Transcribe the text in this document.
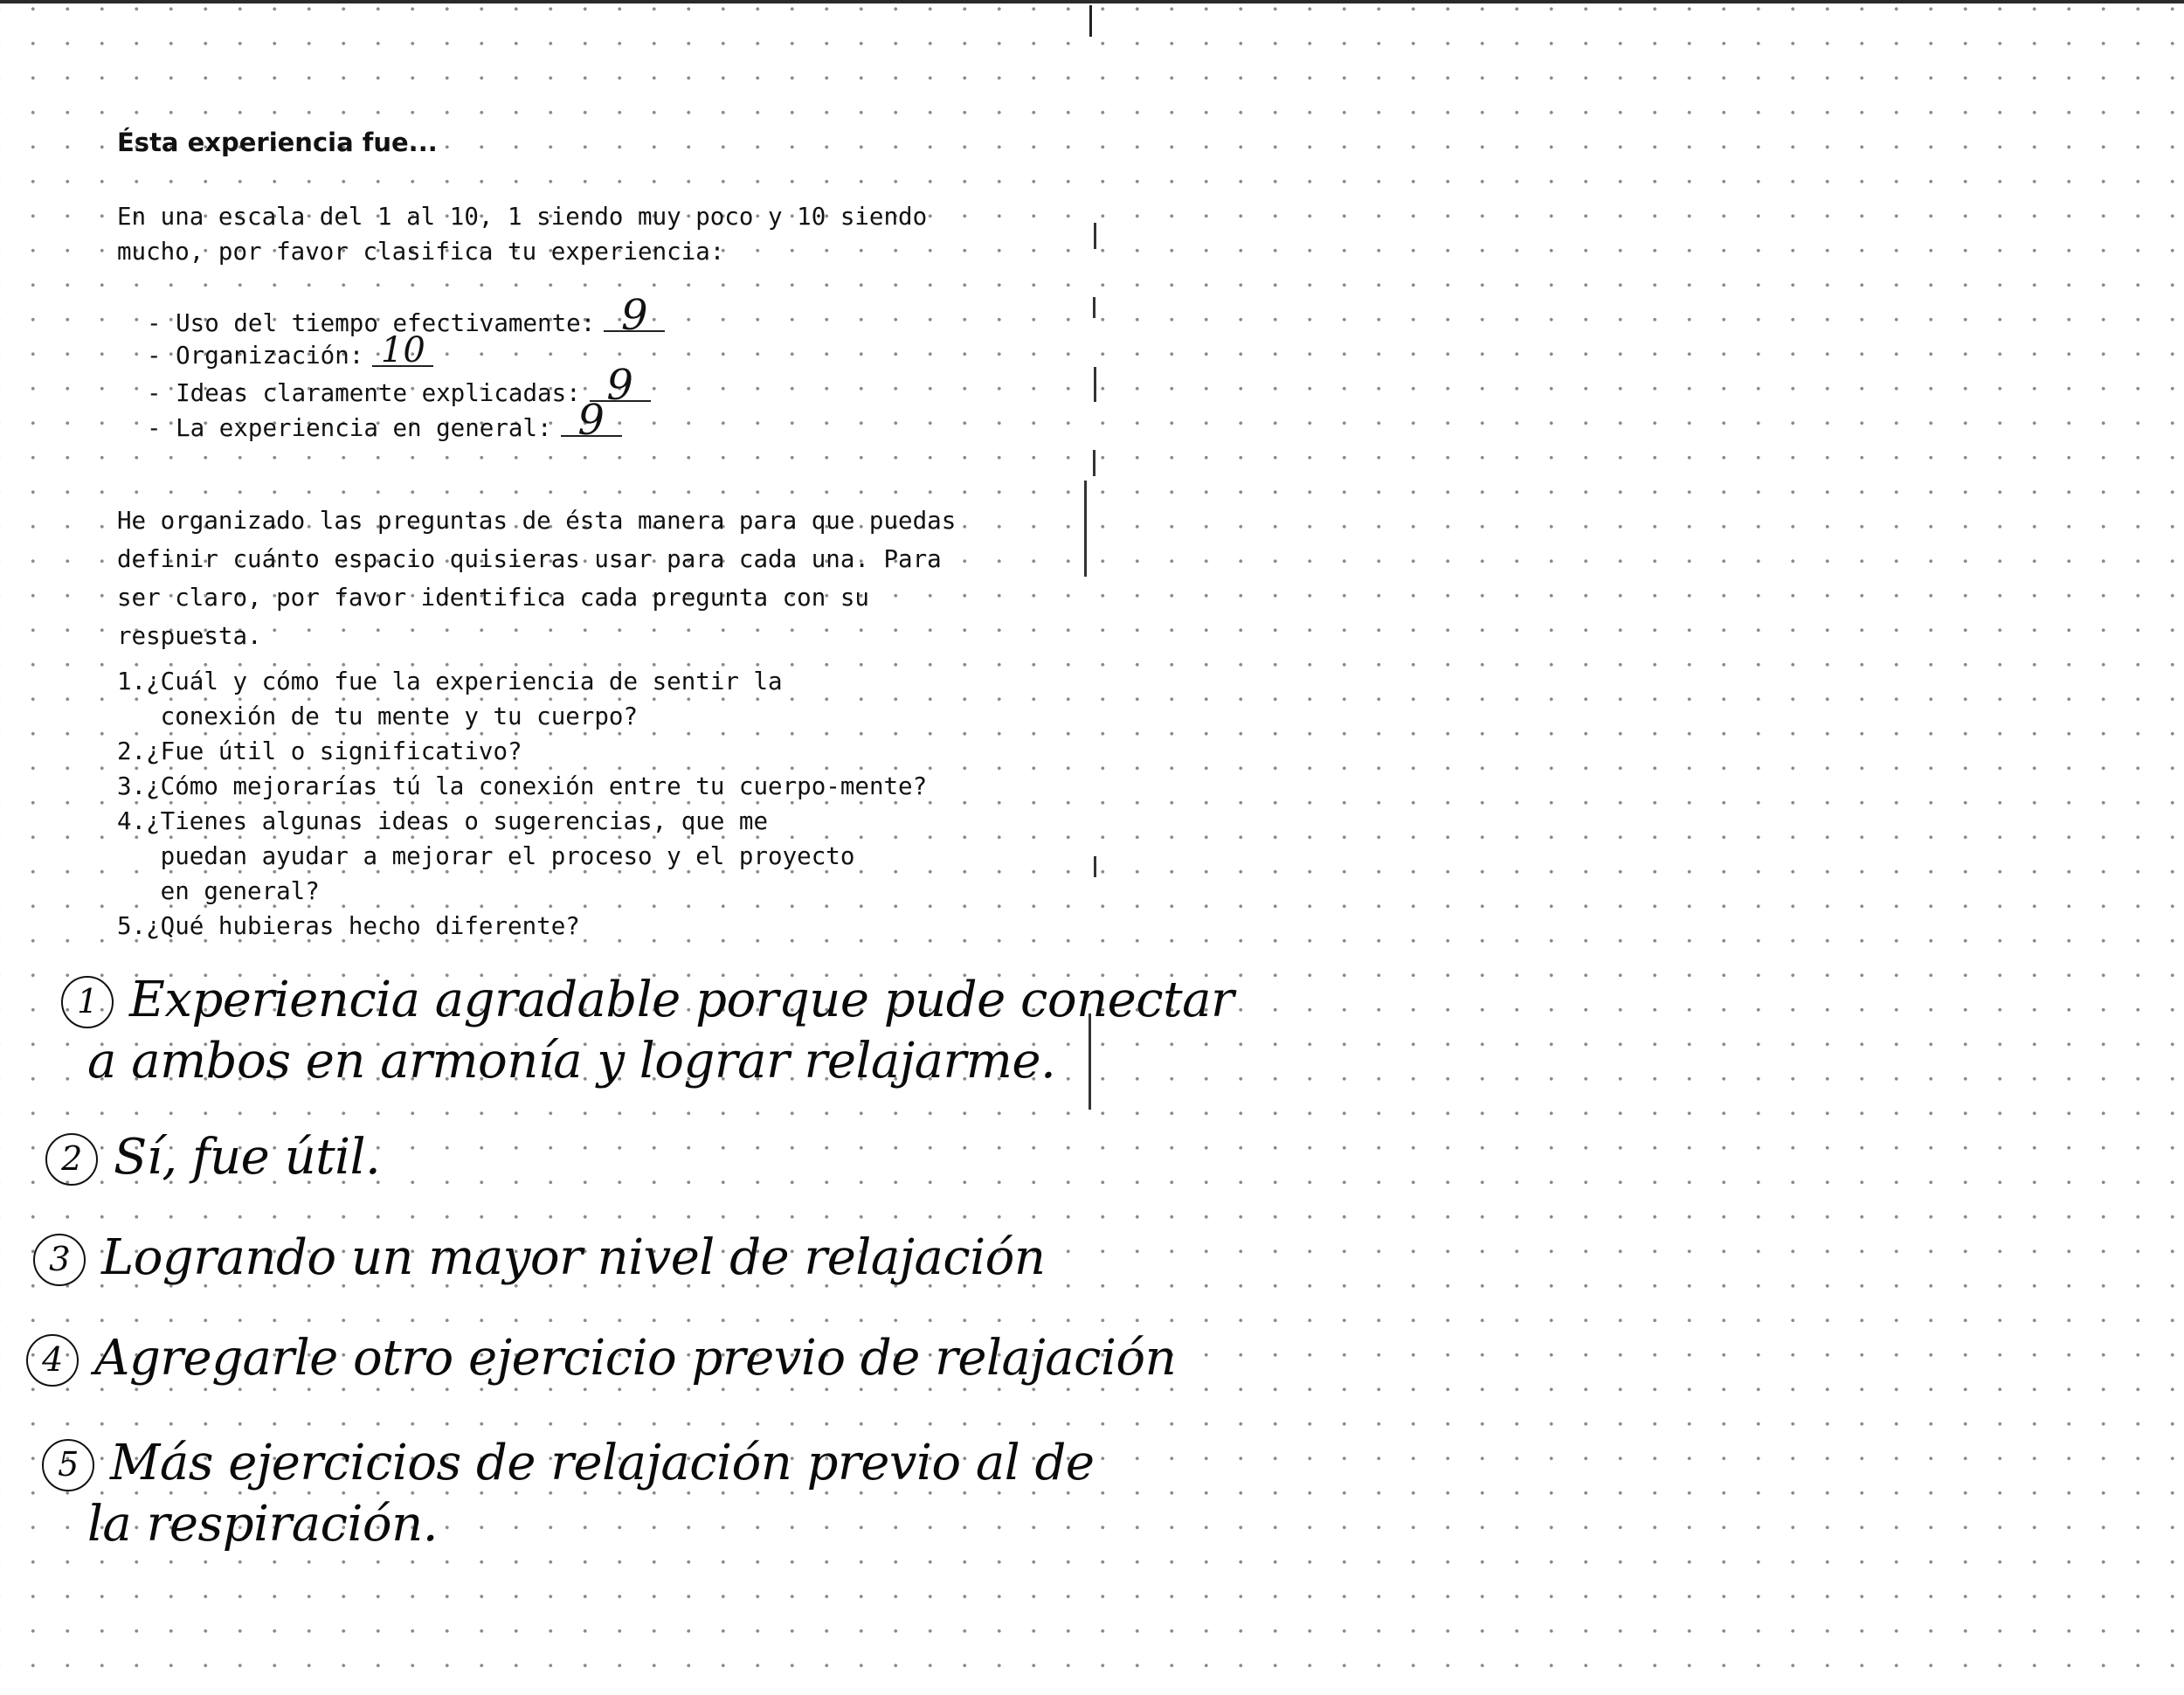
Ésta experiencia fue...
En una escala del 1 al 10, 1 siendo muy poco y 10 siendo
mucho, por favor clasifica tu experiencia:
- Uso del tiempo efectivamente: 9
- Organización: 10
- Ideas claramente explicadas: 9
- La experiencia en general: 9

He organizado las preguntas de ésta manera para que puedas definir cuánto espacio quisieras usar para cada una. Para ser claro, por favor identifica cada pregunta con su respuesta.

1.¿Cuál y cómo fue la experiencia de sentir la
conexión de tu mente y tu cuerpo?
2.¿Fue útil o significativo?
3.¿Cómo mejorarías tú la conexión entre tu cuerpo-mente?
4.¿Tienes algunas ideas o sugerencias, que me
puedan ayudar a mejorar el proceso y el proyecto
en general?
5.¿Qué hubieras hecho diferente?
1 Experiencia agradable porque pude conectar
a ambos en armonía y lograr relajarme.
2 Sí, fue útil.
3 Logrando un mayor nivel de relajación
4 Agregarle otro ejercicio previo de relajación
5 Más ejercicios de relajación previo al de
la respiración.
